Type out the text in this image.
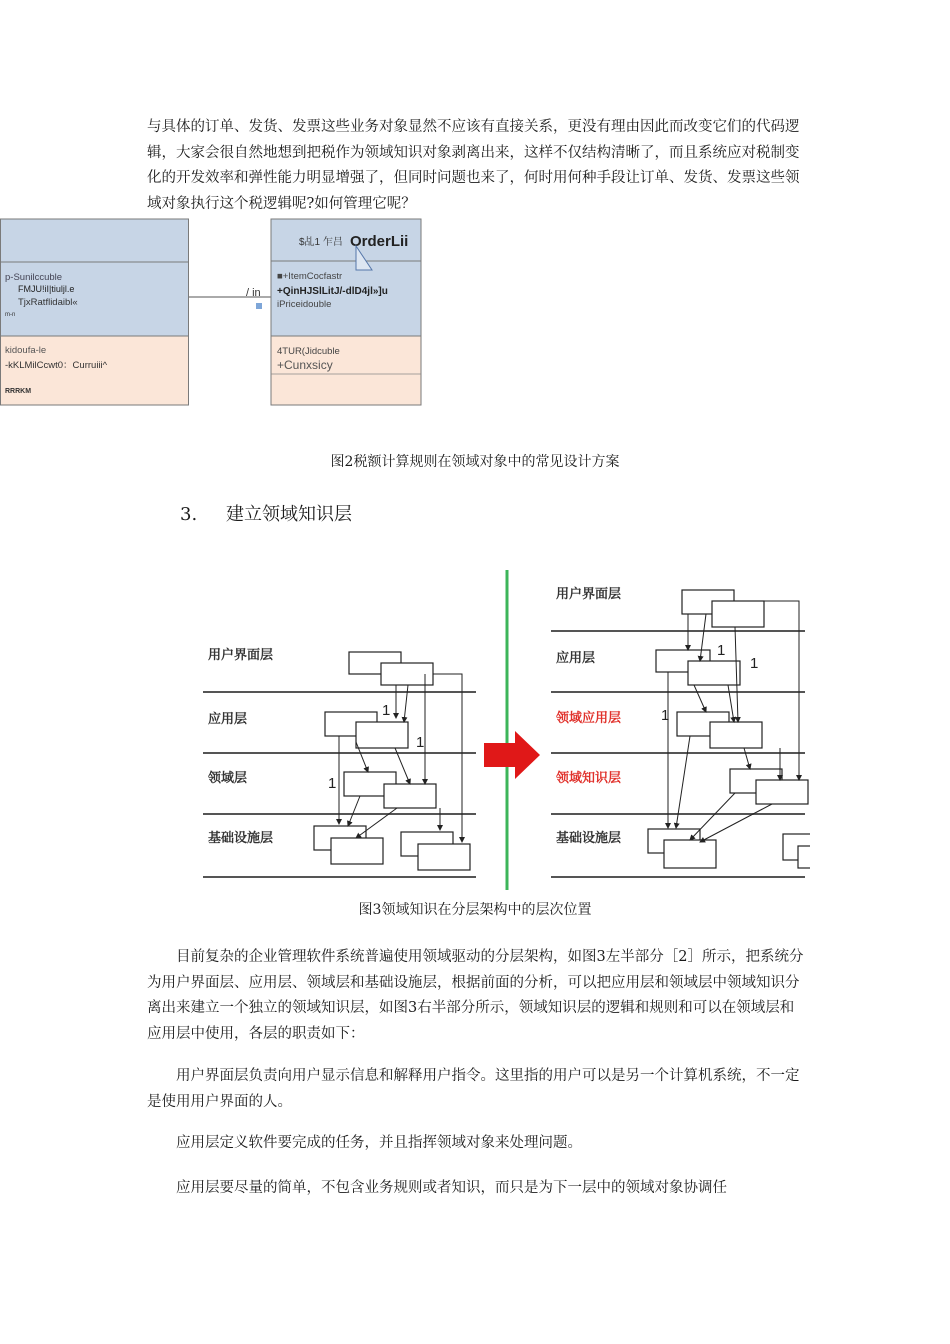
与具体的订单、发货、发票这些业务对象显然不应该有直接关系，更没有理由因此而改变它们的代码逻辑，大家会很自然地想到把税作为领域知识对象剥离出来，这样不仅结构清晰了，而且系统应对税制变化的开发效率和弹性能力明显增强了，但同时问题也来了，何时用何种手段让订单、发货、发票这些领域对象执行这个税逻辑呢?如何管理它呢？

p-Sunilccuble
FMJU!iI|tiuljl.e
TjxRatflidaibl«
m-n
kidoufa-le
-kKLMilCcwt0：Curruiii^
RRRKM
/ in
$乩1 乍吕 OrderLii
■+ItemCocfastr
+QinHJSlLitJ/-dlD4jl»]u
iPriceidouble
4TUR(Jidcuble
+Cunxsicy
图2税额计算规则在领域对象中的常见设计方案
3. 建立领域知识层
用户界面层
应用层
领域层
基础设施层
1
1
1
用户界面层
应用层
领域应用层
领域知识层
基础设施层
1
1
1
图3领域知识在分层架构中的层次位置

目前复杂的企业管理软件系统普遍使用领域驱动的分层架构，如图3左半部分［2］所示，把系统分为用户界面层、应用层、领域层和基础设施层，根据前面的分析，可以把应用层和领域层中领域知识分离出来建立一个独立的领域知识层，如图3右半部分所示，领域知识层的逻辑和规则和可以在领域层和应用层中使用，各层的职责如下：

用户界面层负责向用户显示信息和解释用户指令。这里指的用户可以是另一个计算机系统，不一定是使用用户界面的人。

应用层定义软件要完成的任务，并且指挥领域对象来处理问题。

应用层要尽量的简单，不包含业务规则或者知识，而只是为下一层中的领域对象协调任
